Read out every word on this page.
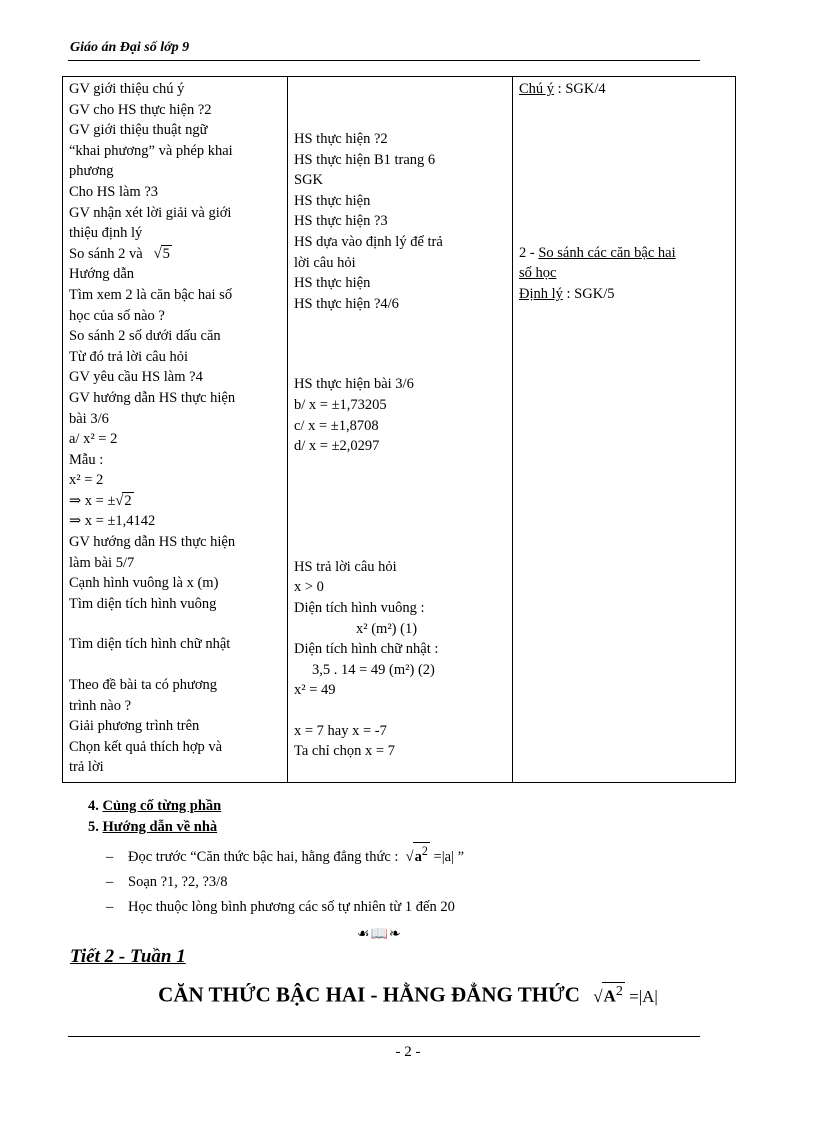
Giáo án Đại số lớp 9
GV giới thiệu chú ý
GV cho HS thực hiện ?2
GV giới thiệu thuật ngữ
“khai phương” và phép khai
phương
Cho HS làm ?3
GV nhận xét lời giải và giới
thiệu định lý
So sánh 2 và   √5
Hướng dẫn
Tìm xem 2 là căn bậc hai số
học của số nào ?
So sánh 2 số dưới dấu căn
Từ đó trả lời câu hỏi
GV yêu cầu HS làm ?4
GV hướng dẫn HS thực hiện
bài 3/6
a/ x² = 2
Mẫu :
x² = 2
⇒ x = ±√2
⇒ x = ±1,4142
GV hướng dẫn HS thực hiện
làm bài 5/7
Cạnh hình vuông là x (m)
Tìm diện tích hình vuông
Tìm diện tích hình chữ nhật
Theo đề bài ta có phương
trình nào ?
Giải phương trình trên
Chọn kết quả thích hợp và
trả lời

HS thực hiện ?2
HS thực hiện B1 trang 6
SGK
HS thực hiện
HS thực hiện ?3
HS dựa vào định lý để trả
lời câu hỏi
HS thực hiện
HS thực hiện ?4/6
HS thực hiện bài 3/6
b/ x = ±1,73205
c/ x = ±1,8708
d/ x = ±2,0297
HS trả lời câu hỏi
x > 0
Diện tích hình vuông :
x² (m²) (1)
Diện tích hình chữ nhật :
3,5 . 14 = 49 (m²) (2)
x² = 49
x = 7 hay x = -7
Ta chỉ chọn x = 7

Chú ý : SGK/4
2 - So sánh các căn bậc hai
số học
Định lý : SGK/5
4. Củng cố từng phần
5. Hướng dẫn về nhà
– Đọc trước “Căn thức bậc hai, hằng đẳng thức :  $√a^2 =|a|$ ”
– Soạn ?1, ?2, ?3/8
– Học thuộc lòng bình phương các số tự nhiên từ 1 đến 20
☙📖❧
Tiết 2 - Tuần 1
CĂN THỨC BẬC HAI - HẰNG ĐẲNG THỨC $√A^2 =|A|$
- 2 -
